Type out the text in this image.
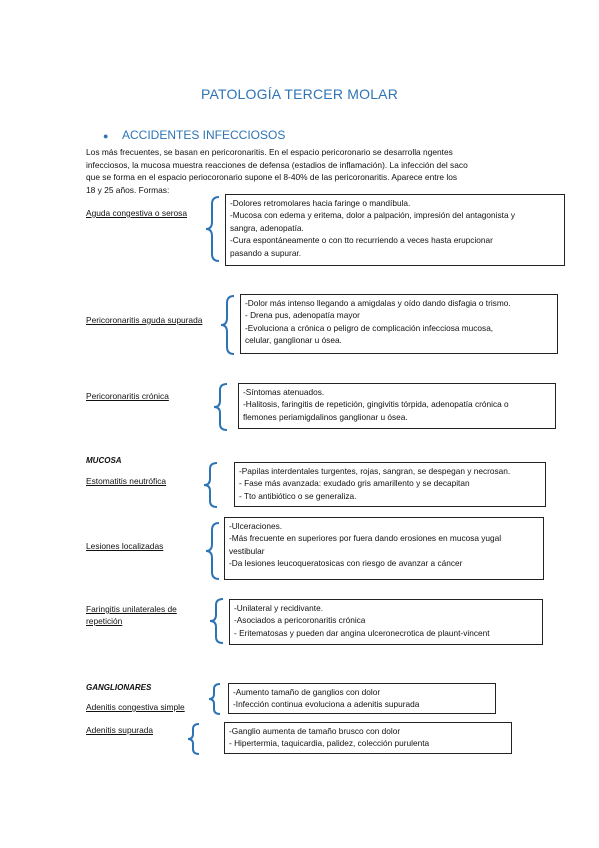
PATOLOGÍA TERCER MOLAR
● ACCIDENTES INFECCIOSOS
Los más frecuentes, se basan en pericoronaritis. En el espacio pericoronario se desarrolla ngentes
infecciosos, la mucosa muestra reacciones de defensa (estadios de inflamación). La infección del saco
que se forma en el espacio periocoronario supone el 8-40% de las pericoronaritis. Aparece entre los
18 y 25 años. Formas:
Aguda congestiva o serosa
-Dolores retromolares hacia faringe o mandíbula.
-Mucosa con edema y eritema, dolor a palpación, impresión del antagonista y
sangra, adenopatía.
-Cura espontáneamente o con tto recurriendo a veces hasta erupcionar
pasando a supurar.
Pericoronaritis aguda supurada
-Dolor más intenso llegando a amigdalas y oído dando disfagia o trismo.
- Drena pus, adenopatía mayor
-Evoluciona a crónica o peligro de complicación infecciosa mucosa,
celular, ganglionar u ósea.
Pericoronaritis crónica	-Síntomas atenuados.
-Halitosis, faringitis de repetición, gingivitis tórpida, adenopatía crónica o
flemones periamigdalinos ganglionar u ósea.
MUCOSA
Estomatitis neutrófica
-Papilas interdentales turgentes, rojas, sangran, se despegan y necrosan.
- Fase más avanzada: exudado gris amarillento y se decapitan
- Tto antibiótico o se generaliza.
Lesiones localizadas
-Ulceraciones.
-Más frecuente en superiores por fuera dando erosiones en mucosa yugal
vestibular
-Da lesiones leucoqueratosicas con riesgo de avanzar a cáncer
Faringitis unilaterales de
repetición
-Unilateral y recidivante.
-Asociados a pericoronaritis crónica
- Eritematosas y pueden dar angina ulceronecrotica de plaunt-vincent
GANGLIONARES
Adenitis congestiva simple
-Aumento tamaño de ganglios con dolor
-Infección continua evoluciona a adenitis supurada
Adenitis supurada	-Ganglio aumenta de tamaño brusco con dolor
- Hipertermia, taquicardia, palidez, colección purulenta
